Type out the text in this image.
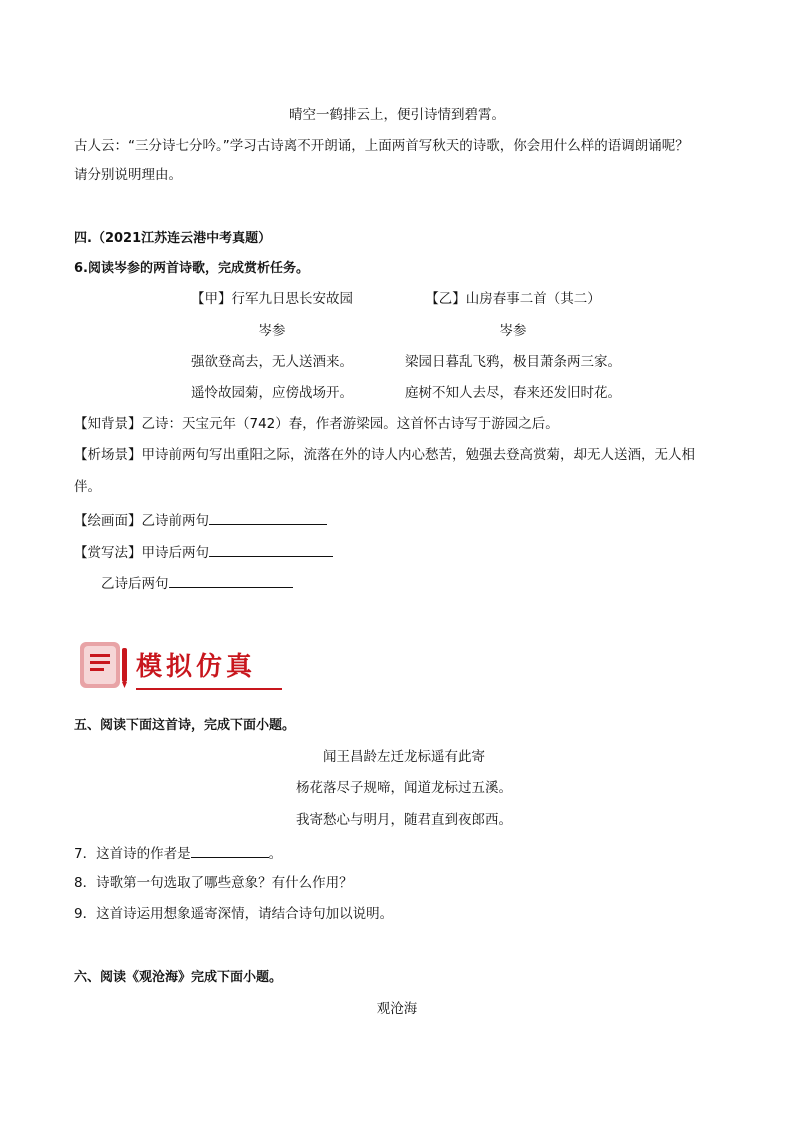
晴空一鹤排云上，便引诗情到碧霄。
古人云：“三分诗七分吟。”学习古诗离不开朗诵，上面两首写秋天的诗歌，你会用什么样的语调朗诵呢？
请分别说明理由。
四.（2021江苏连云港中考真题）
6.阅读岑参的两首诗歌，完成赏析任务。
【甲】行军九日思长安故园
岑参
强欲登高去，无人送酒来。
遥怜故园菊，应傍战场开。
【乙】山房春事二首（其二）
岑参
梁园日暮乱飞鸦，极目萧条两三家。
庭树不知人去尽，春来还发旧时花。
【知背景】乙诗：天宝元年（742）春，作者游梁园。这首怀古诗写于游园之后。
【析场景】甲诗前两句写出重阳之际，流落在外的诗人内心愁苦，勉强去登高赏菊，却无人送酒，无人相
伴。
【绘画面】乙诗前两句
【赏写法】甲诗后两句
乙诗后两句
模拟仿真
五、阅读下面这首诗，完成下面小题。
闻王昌龄左迁龙标遥有此寄
杨花落尽子规啼，闻道龙标过五溪。
我寄愁心与明月，随君直到夜郎西。
7．这首诗的作者是	。
8．诗歌第一句选取了哪些意象？有什么作用？
9．这首诗运用想象遥寄深情，请结合诗句加以说明。
六、阅读《观沧海》完成下面小题。
观沧海
